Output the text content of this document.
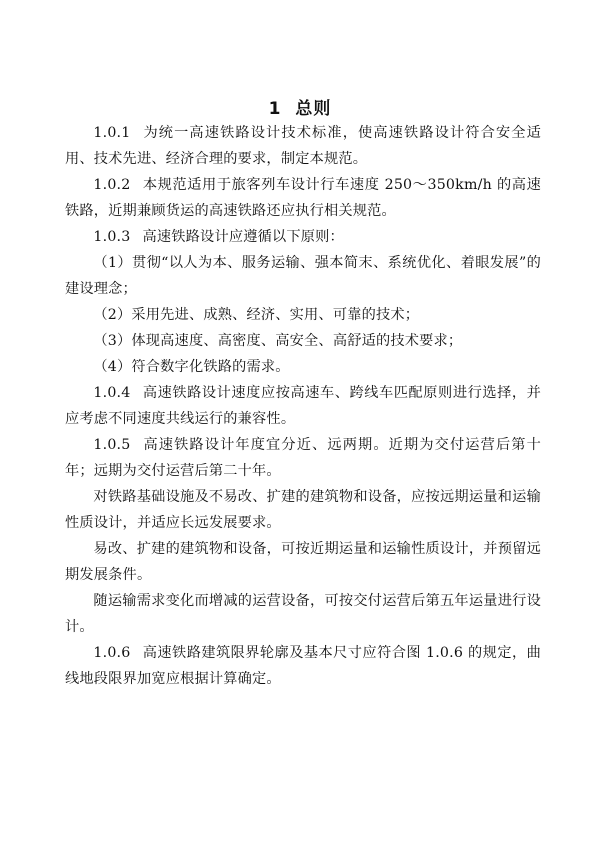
1 总则

1.0.1 为统一高速铁路设计技术标准，使高速铁路设计符合安全适用、技术先进、经济合理的要求，制定本规范。

1.0.2 本规范适用于旅客列车设计行车速度 250～350km/h 的高速铁路，近期兼顾货运的高速铁路还应执行相关规范。

1.0.3 高速铁路设计应遵循以下原则：

（1）贯彻“以人为本、服务运输、强本简末、系统优化、着眼发展”的建设理念；

（2）采用先进、成熟、经济、实用、可靠的技术；

（3）体现高速度、高密度、高安全、高舒适的技术要求；

（4）符合数字化铁路的需求。

1.0.4 高速铁路设计速度应按高速车、跨线车匹配原则进行选择，并应考虑不同速度共线运行的兼容性。

1.0.5 高速铁路设计年度宜分近、远两期。近期为交付运营后第十年；远期为交付运营后第二十年。

对铁路基础设施及不易改、扩建的建筑物和设备，应按远期运量和运输性质设计，并适应长远发展要求。

易改、扩建的建筑物和设备，可按近期运量和运输性质设计，并预留远期发展条件。

随运输需求变化而增减的运营设备，可按交付运营后第五年运量进行设计。

1.0.6 高速铁路建筑限界轮廓及基本尺寸应符合图 1.0.6 的规定，曲线地段限界加宽应根据计算确定。
